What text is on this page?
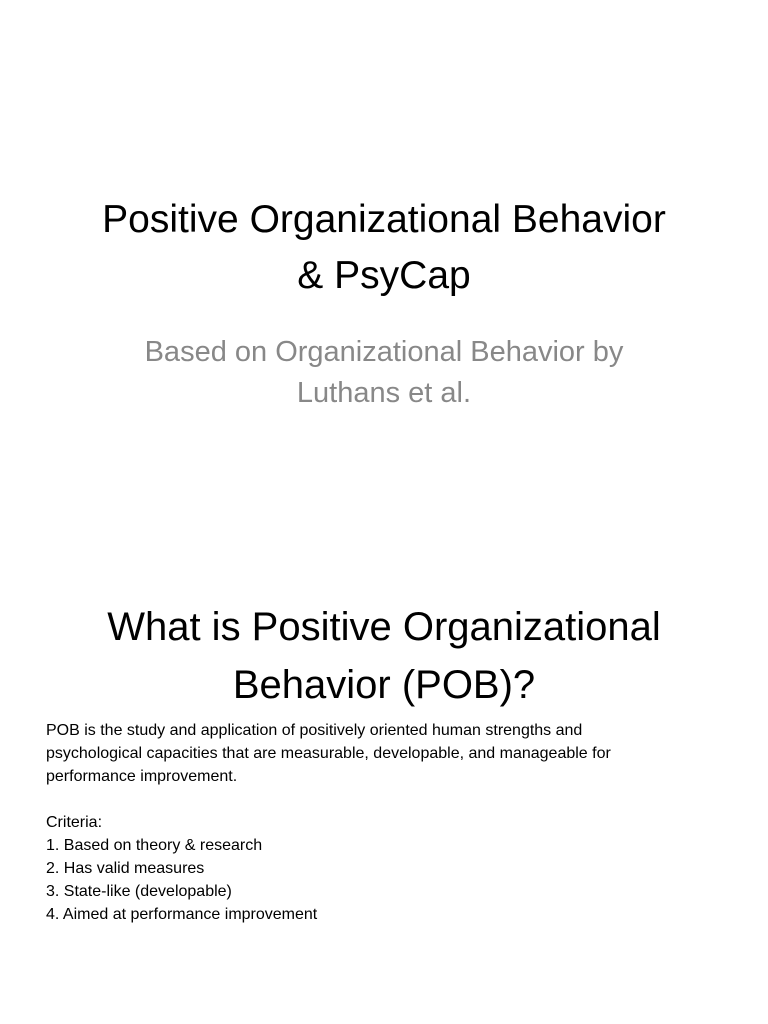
Positive Organizational Behavior
& PsyCap
Based on Organizational Behavior by
Luthans et al.
What is Positive Organizational
Behavior (POB)?

POB is the study and application of positively oriented human strengths and

psychological capacities that are measurable, developable, and manageable for

performance improvement.

Criteria:

1. Based on theory & research
2. Has valid measures
3. State-like (developable)
4. Aimed at performance improvement
